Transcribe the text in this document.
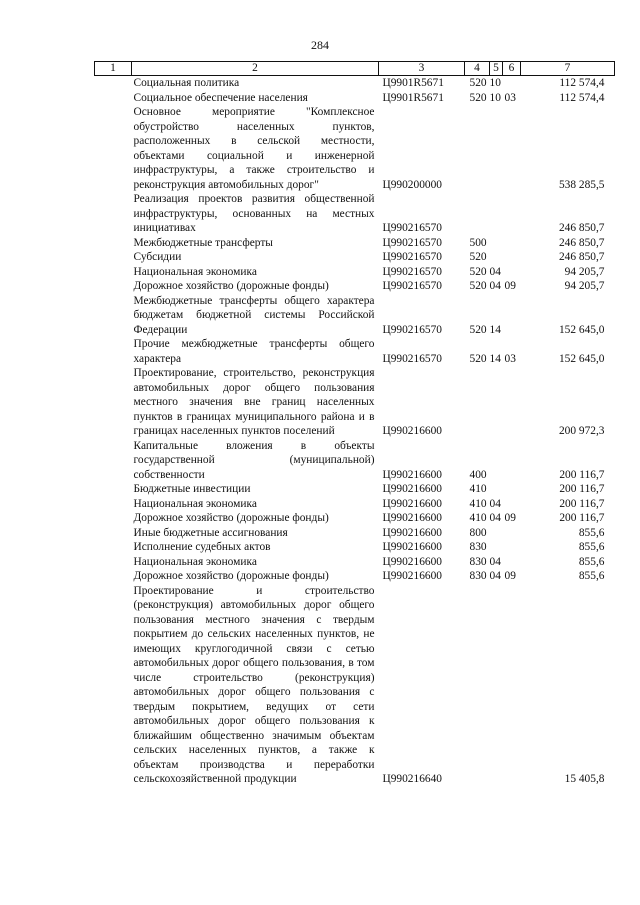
284
1	2	3	4	5	6	7
	Социальная политика	Ц9901R5671	520	10		112 574,4
	Социальное обеспечение населения	Ц9901R5671	520	10	03	112 574,4
	Основное мероприятие "Комплексное обустройство населенных пунктов, расположенных в сельской местности, объектами социальной и инженерной инфраструктуры, а также строительство и реконструкция автомобильных дорог"	Ц990200000				538 285,5
	Реализация проектов развития общественной инфраструктуры, основанных на местных инициативах	Ц990216570				246 850,7
	Межбюджетные трансферты	Ц990216570	500			246 850,7
	Субсидии	Ц990216570	520			246 850,7
	Национальная экономика	Ц990216570	520	04		94 205,7
	Дорожное хозяйство (дорожные фонды)	Ц990216570	520	04	09	94 205,7
	Межбюджетные трансферты общего характера бюджетам бюджетной системы Российской Федерации	Ц990216570	520	14		152 645,0
	Прочие межбюджетные трансферты общего характера	Ц990216570	520	14	03	152 645,0
	Проектирование, строительство, реконструкция автомобильных дорог общего пользования местного значения вне границ населенных пунктов в границах муниципального района и в границах населенных пунктов поселений	Ц990216600				200 972,3
	Капитальные вложения в объекты государственной (муниципальной) собственности	Ц990216600	400			200 116,7
	Бюджетные инвестиции	Ц990216600	410			200 116,7
	Национальная экономика	Ц990216600	410	04		200 116,7
	Дорожное хозяйство (дорожные фонды)	Ц990216600	410	04	09	200 116,7
	Иные бюджетные ассигнования	Ц990216600	800			855,6
	Исполнение судебных актов	Ц990216600	830			855,6
	Национальная экономика	Ц990216600	830	04		855,6
	Дорожное хозяйство (дорожные фонды)	Ц990216600	830	04	09	855,6
	Проектирование и строительство (реконструкция) автомобильных дорог общего пользования местного значения с твердым покрытием до сельских населенных пунктов, не имеющих круглогодичной связи с сетью автомобильных дорог общего пользования, в том числе строительство (реконструкция) автомобильных дорог общего пользования с твердым покрытием, ведущих от сети автомобильных дорог общего пользования к ближайшим общественно значимым объектам сельских населенных пунктов, а также к объектам производства и переработки сельскохозяйственной продукции	Ц990216640				15 405,8
